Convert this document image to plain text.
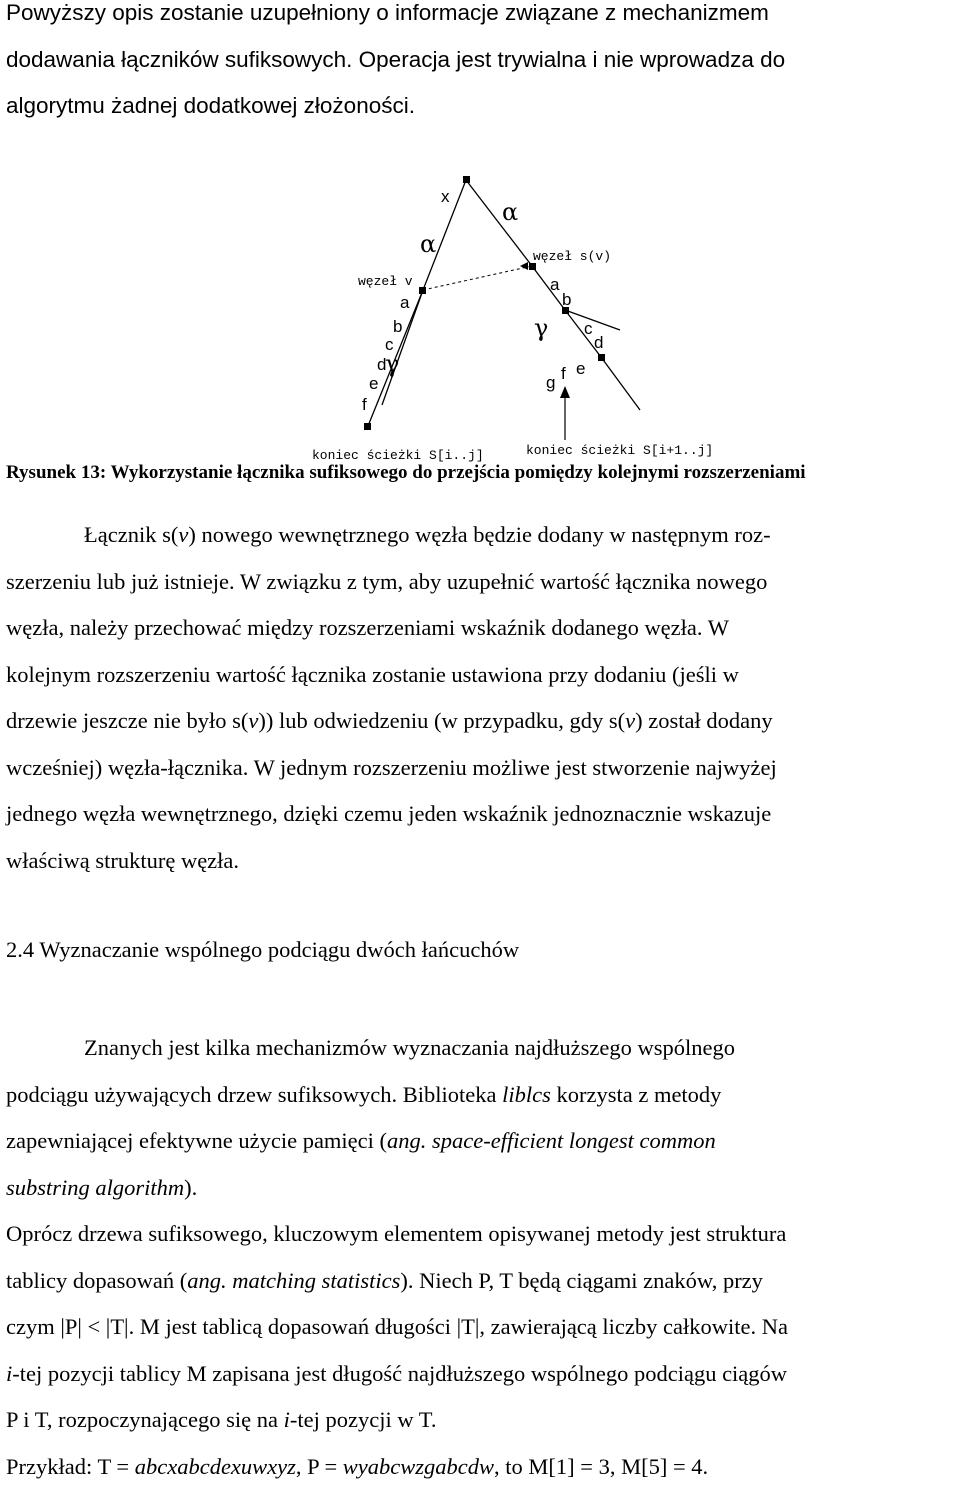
Powyższy opis zostanie uzupełniony o informacje związane z mechanizmem
dodawania łączników sufiksowych. Operacja jest trywialna i nie wprowadza do
algorytmu żadnej dodatkowej złożoności.

x
α
α
γ
γ
węzeł v
węzeł s(v)
a
b
c
d
e
f
a
b
c
d
e
f
g
koniec ścieżki S[i..j]	koniec ścieżki S[i+1..j]
Rysunek 13: Wykorzystanie łącznika sufiksowego do przejścia pomiędzy kolejnymi rozszerzeniami

Łącznik s(v) nowego wewnętrznego węzła będzie dodany w następnym roz-
szerzeniu lub już istnieje. W związku z tym, aby uzupełnić wartość łącznika nowego
węzła, należy przechować między rozszerzeniami wskaźnik dodanego węzła. W
kolejnym rozszerzeniu wartość łącznika zostanie ustawiona przy dodaniu (jeśli w
drzewie jeszcze nie było s(v)) lub odwiedzeniu (w przypadku, gdy s(v) został dodany
wcześniej) węzła-łącznika. W jednym rozszerzeniu możliwe jest stworzenie najwyżej
jednego węzła wewnętrznego, dzięki czemu jeden wskaźnik jednoznacznie wskazuje
właściwą strukturę węzła.

2.4 Wyznaczanie wspólnego podciągu dwóch łańcuchów

Znanych jest kilka mechanizmów wyznaczania najdłuższego wspólnego
podciągu używających drzew sufiksowych. Biblioteka liblcs korzysta z metody
zapewniającej efektywne użycie pamięci (ang. space-efficient longest common
substring algorithm).

Oprócz drzewa sufiksowego, kluczowym elementem opisywanej metody jest struktura
tablicy dopasowań (ang. matching statistics). Niech P, T będą ciągami znaków, przy
czym |P| < |T|. M jest tablicą dopasowań długości |T|, zawierającą liczby całkowite. Na
i-tej pozycji tablicy M zapisana jest długość najdłuższego wspólnego podciągu ciągów
P i T, rozpoczynającego się na i-tej pozycji w T.

Przykład: T = abcxabcdexuwxyz, P = wyabcwzgabcdw, to M[1] = 3, M[5] = 4.
